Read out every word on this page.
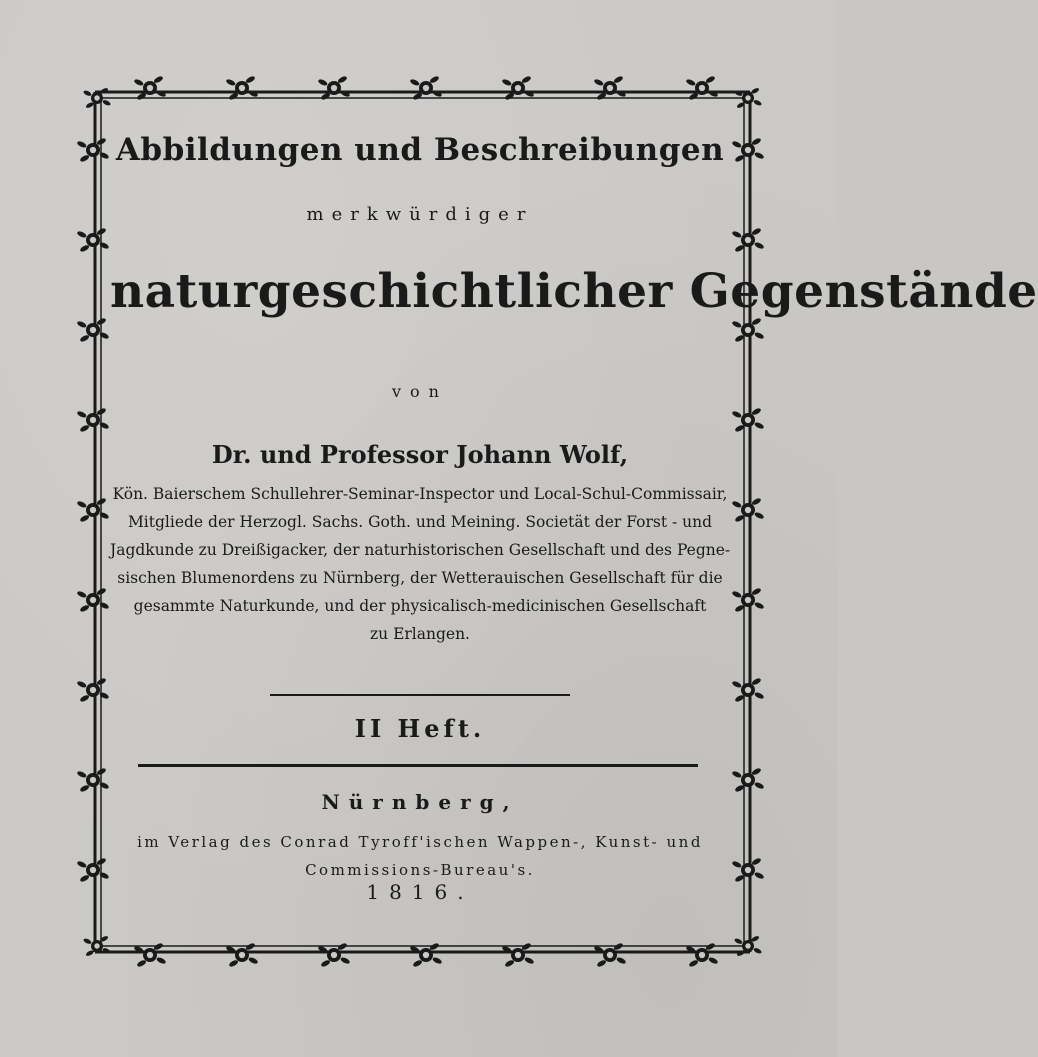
Abbildungen und Beschreibungen
merkwürdiger
naturgeschichtlicher Gegenstände
von
Dr. und Professor Johann Wolf,
Kön. Baierschem Schullehrer-Seminar-Inspector und Local-Schul-Commissair,
Mitgliede der Herzogl. Sachs. Goth. und Meining. Societät der Forst - und
Jagdkunde zu Dreißigacker, der naturhistorischen Gesellschaft und des Pegne-
sischen Blumenordens zu Nürnberg, der Wetterauischen Gesellschaft für die
gesammte Naturkunde, und der physicalisch-medicinischen Gesellschaft
zu Erlangen.
II Heft.
Nürnberg,
im Verlag des Conrad Tyroff'ischen Wappen-, Kunst- und
Commissions-Bureau's.
1816.
